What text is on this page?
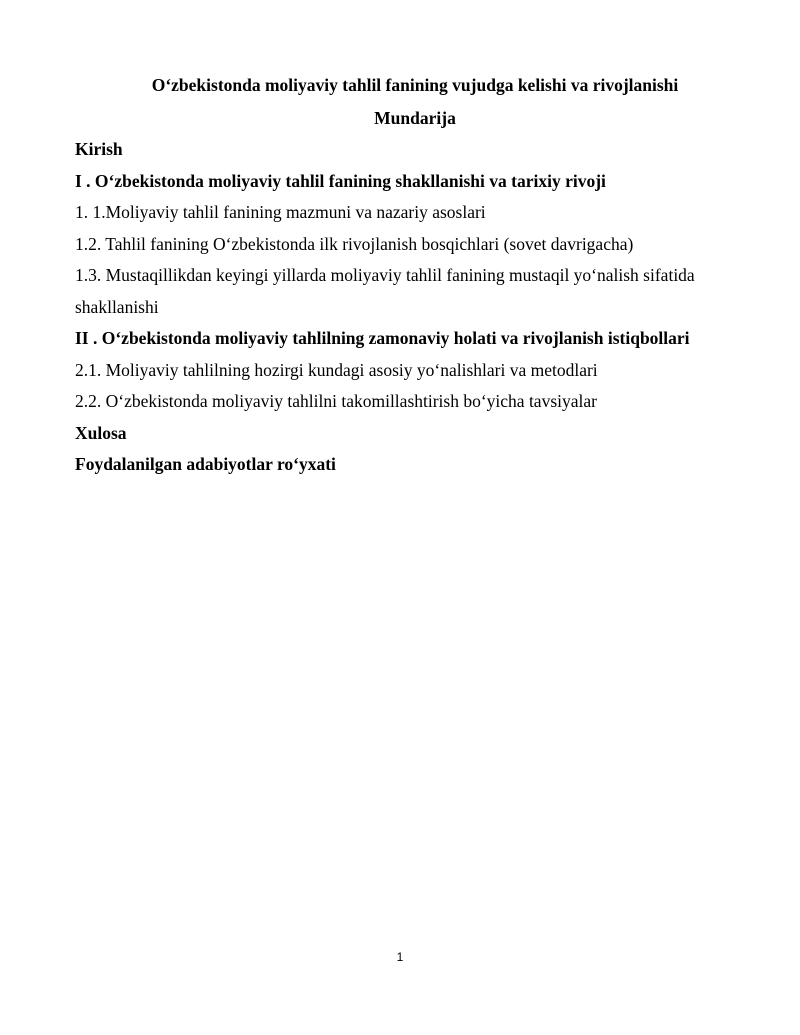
O‘zbekistonda moliyaviy tahlil fanining vujudga kelishi va rivojlanishi
Mundarija
Kirish
I . O‘zbekistonda moliyaviy tahlil fanining shakllanishi va tarixiy rivoji
1. 1.Moliyaviy tahlil fanining mazmuni va nazariy asoslari
1.2. Tahlil fanining O‘zbekistonda ilk rivojlanish bosqichlari (sovet davrigacha)
1.3. Mustaqillikdan keyingi yillarda moliyaviy tahlil fanining mustaqil yo‘nalish sifatida
shakllanishi
II . O‘zbekistonda moliyaviy tahlilning zamonaviy holati va rivojlanish istiqbollari
2.1. Moliyaviy tahlilning hozirgi kundagi asosiy yo‘nalishlari va metodlari
2.2. O‘zbekistonda moliyaviy tahlilni takomillashtirish bo‘yicha tavsiyalar
Xulosa
Foydalanilgan adabiyotlar ro‘yxati
1
